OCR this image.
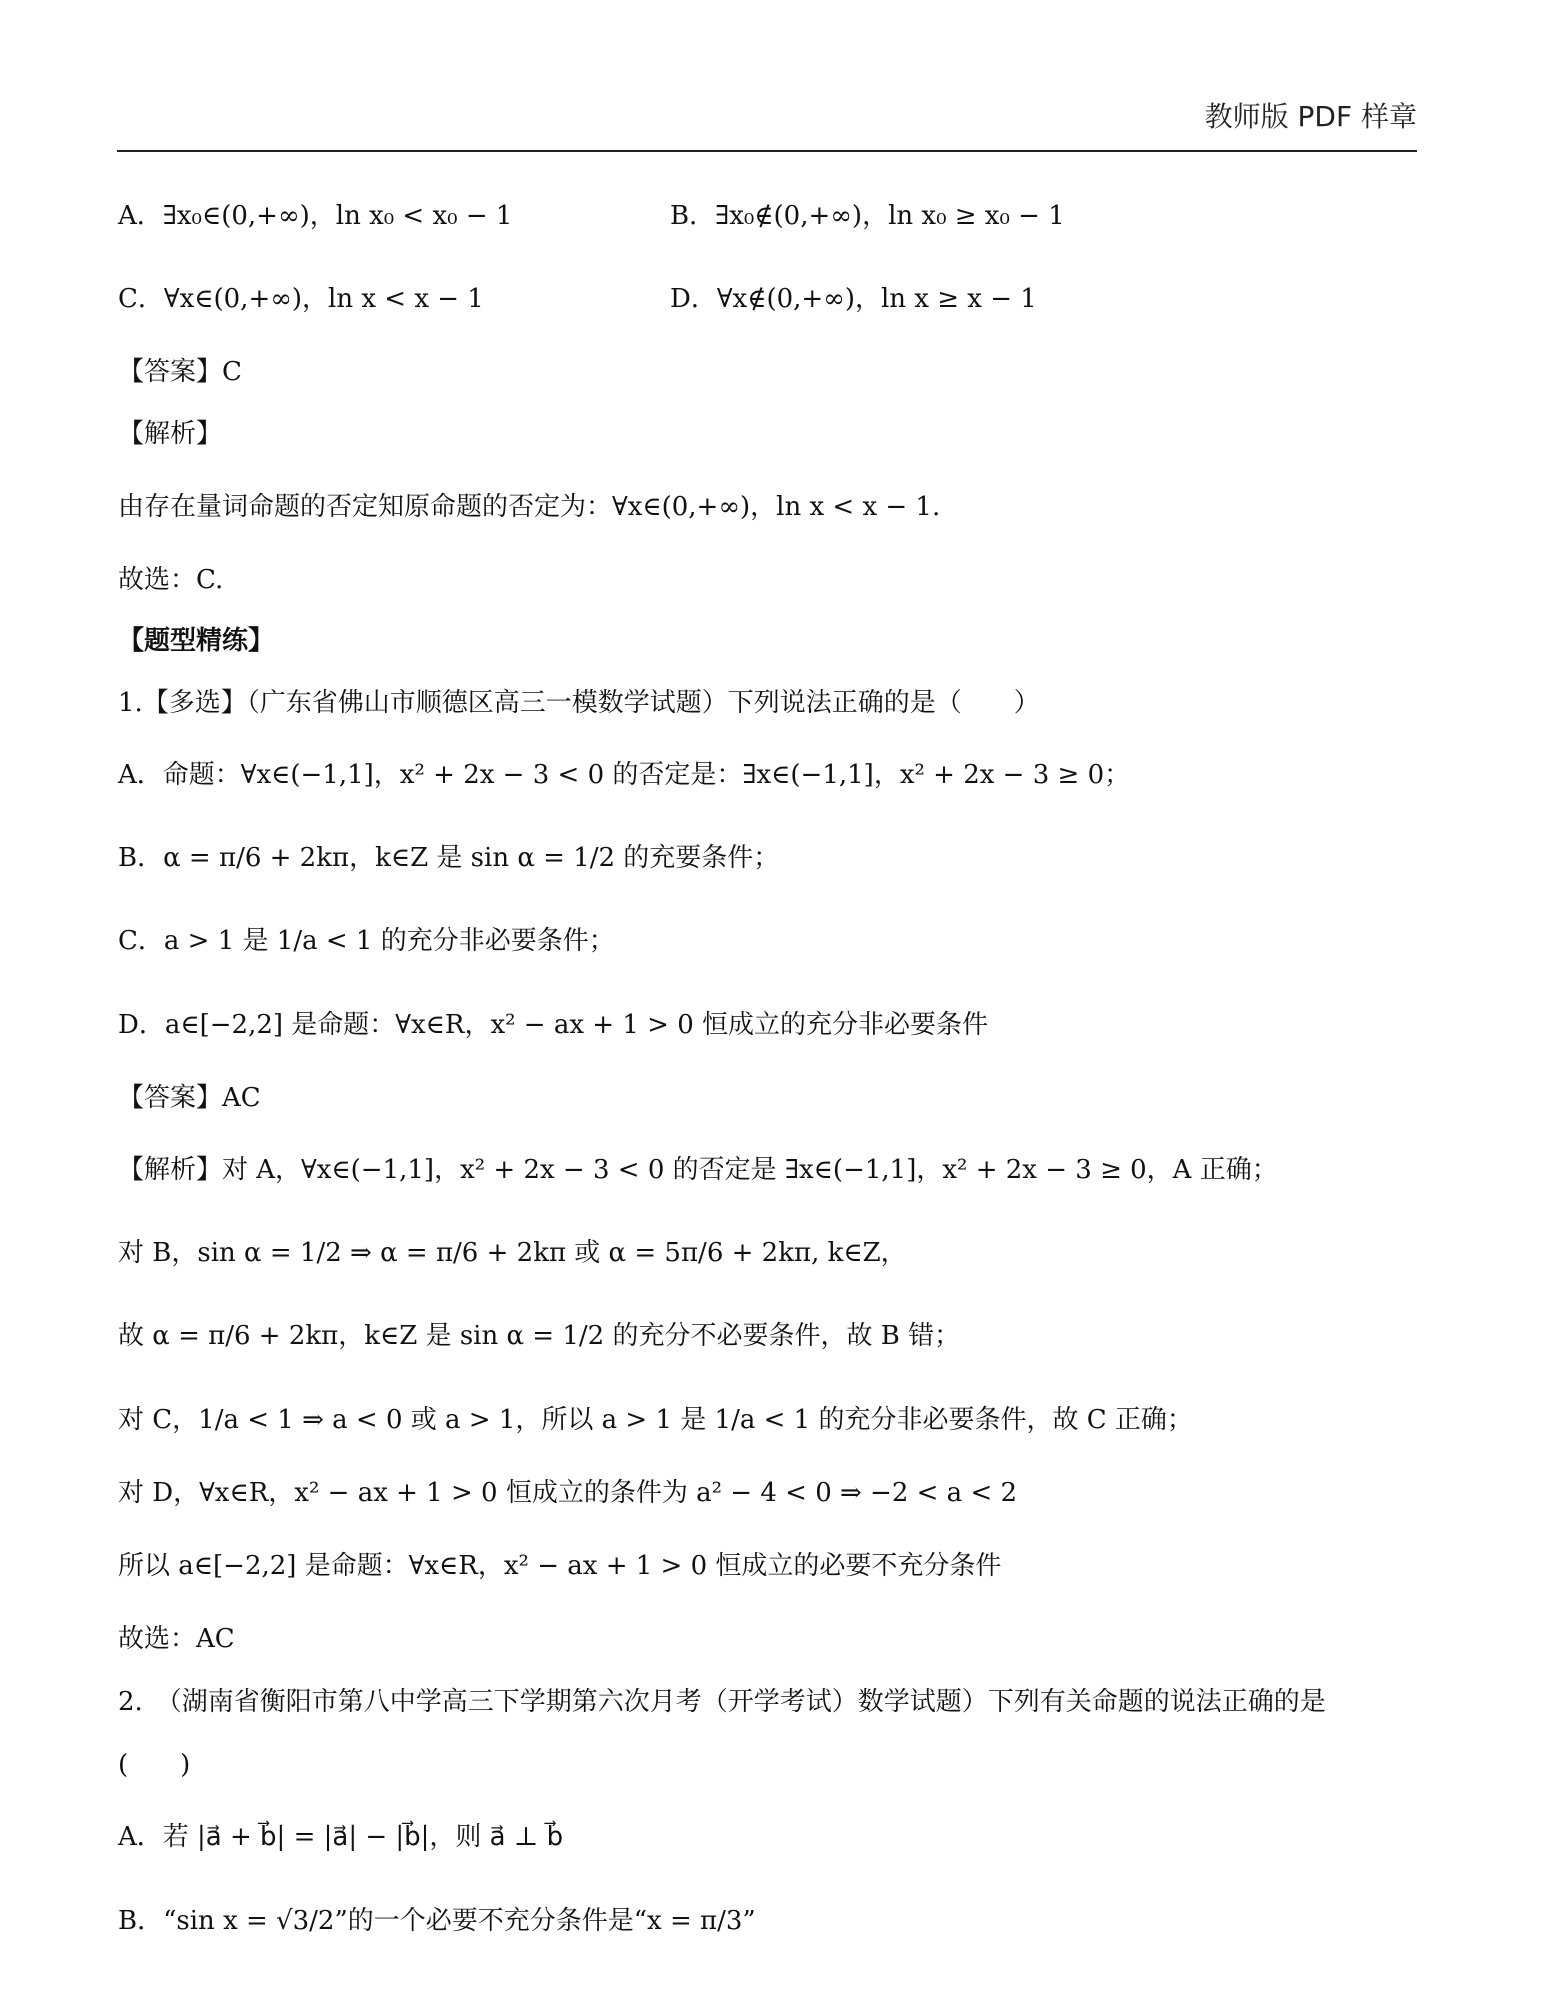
教师版 PDF 样章
A．∃x₀∈(0,+∞)，ln x₀ < x₀ − 1	B．∃x₀∉(0,+∞)，ln x₀ ≥ x₀ − 1
C．∀x∈(0,+∞)，ln x < x − 1	D．∀x∉(0,+∞)，ln x ≥ x − 1
【答案】C
【解析】
由存在量词命题的否定知原命题的否定为：∀x∈(0,+∞)，ln x < x − 1.
故选：C.
【题型精练】
1.【多选】（广东省佛山市顺德区高三一模数学试题）下列说法正确的是（　　）
A．命题：∀x∈(−1,1]，x² + 2x − 3 < 0 的否定是：∃x∈(−1,1]，x² + 2x − 3 ≥ 0；
B．α = π/6 + 2kπ，k∈Z 是 sin α = 1/2 的充要条件；
C．a > 1 是 1/a < 1 的充分非必要条件；
D．a∈[−2,2] 是命题：∀x∈R，x² − ax + 1 > 0 恒成立的充分非必要条件
【答案】AC
【解析】对 A，∀x∈(−1,1]，x² + 2x − 3 < 0 的否定是 ∃x∈(−1,1]，x² + 2x − 3 ≥ 0，A 正确；
对 B，sin α = 1/2 ⇒ α = π/6 + 2kπ 或 α = 5π/6 + 2kπ, k∈Z，
故 α = π/6 + 2kπ，k∈Z 是 sin α = 1/2 的充分不必要条件，故 B 错；
对 C，1/a < 1 ⇒ a < 0 或 a > 1，所以 a > 1 是 1/a < 1 的充分非必要条件，故 C 正确；
对 D，∀x∈R，x² − ax + 1 > 0 恒成立的条件为 a² − 4 < 0 ⇒ −2 < a < 2
所以 a∈[−2,2] 是命题：∀x∈R，x² − ax + 1 > 0 恒成立的必要不充分条件
故选：AC
2.　（湖南省衡阳市第八中学高三下学期第六次月考（开学考试）数学试题）下列有关命题的说法正确的是
(　　)
A．若 |a⃗ + b⃗| = |a⃗| − |b⃗|，则 a⃗ ⊥ b⃗
B．“sin x = √3/2”的一个必要不充分条件是“x = π/3”
